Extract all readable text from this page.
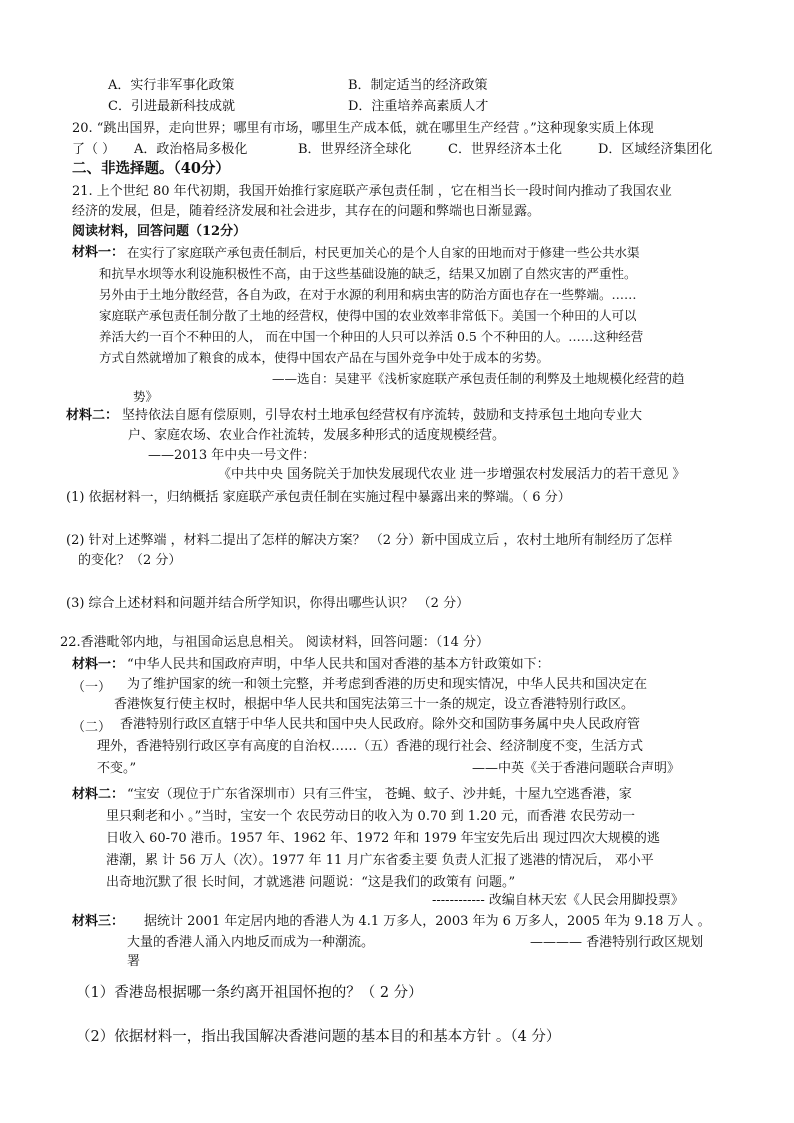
A．实行非军事化政策	B．制定适当的经济政策
C．引进最新科技成就	D．注重培养高素质人才
20. “跳出国界，走向世界；哪里有市场，哪里生产成本低，就在哪里生产经营 。”这种现象实质上体现
了（ ） A．政治格局多极化	B．世界经济全球化	C．世界经济本土化	D．区域经济集团化
二、非选择题。（40分）
21. 上个世纪 80 年代初期，我国开始推行家庭联产承包责任制 ，它在相当长一段时间内推动了我国农业
经济的发展，但是，随着经济发展和社会进步，其存在的问题和弊端也日渐显露。
阅读材料，回答问题（12分）
材料一： 在实行了家庭联产承包责任制后，村民更加关心的是个人自家的田地而对于修建一些公共水渠
和抗旱水坝等水利设施积极性不高，由于这些基础设施的缺乏，结果又加剧了自然灾害的严重性。
另外由于土地分散经营，各自为政，在对于水源的利用和病虫害的防治方面也存在一些弊端。……
家庭联产承包责任制分散了土地的经营权，使得中国的农业效率非常低下。美国一个种田的人可以
养活大约一百个不种田的人， 而在中国一个种田的人只可以养活 0.5 个不种田的人。……这种经营
方式自然就增加了粮食的成本，使得中国农产品在与国外竞争中处于成本的劣势。
——选自：吴建平《浅析家庭联产承包责任制的利弊及土地规模化经营的趋
势》
材料二： 坚持依法自愿有偿原则，引导农村土地承包经营权有序流转，鼓励和支持承包土地向专业大
户、家庭农场、农业合作社流转，发展多种形式的适度规模经营。
——2013 年中央一号文件：
《中共中央 国务院关于加快发展现代农业 进一步增强农村发展活力的若干意见 》
(1) 依据材料一，归纳概括 家庭联产承包责任制在实施过程中暴露出来的弊端。（ 6 分）
(2) 针对上述弊端 ，材料二提出了怎样的解决方案？ （2 分）新中国成立后 ，农村土地所有制经历了怎样
的变化？（2 分）
(3) 综合上述材料和问题并结合所学知识，你得出哪些认识？ （2 分）
22.香港毗邻内地，与祖国命运息息相关。 阅读材料，回答问题：（14 分）
材料一： “中华人民共和国政府声明，中华人民共和国对香港的基本方针政策如下：
（一） 为了维护国家的统一和领土完整，并考虑到香港的历史和现实情况，中华人民共和国决定在
香港恢复行使主权时，根据中华人民共和国宪法第三十一条的规定，设立香港特别行政区。
（二） 香港特别行政区直辖于中华人民共和国中央人民政府。除外交和国防事务属中央人民政府管
理外，香港特别行政区享有高度的自治权……（五）香港的现行社会、经济制度不变，生活方式
不变。”	——中英《关于香港问题联合声明》
材料二： “宝安（现位于广东省深圳市）只有三件宝， 苍蝇、蚊子、沙井蚝，十屋九空逃香港，家
里只剩老和小 。”当时，宝安一个 农民劳动日的收入为 0.70 到 1.20 元，而香港 农民劳动一
日收入 60-70 港币。1957 年、1962 年、1972 年和 1979 年宝安先后出 现过四次大规模的逃
港潮，累 计 56 万人（次）。1977 年 11 月广东省委主要 负责人汇报了逃港的情况后， 邓小平
出奇地沉默了很 长时间，才就逃港 问题说：“这是我们的政策有 问题。”
------------ 改编自林天宏《人民会用脚投票》
材料三： 据统计 2001 年定居内地的香港人为 4.1 万多人，2003 年为 6 万多人，2005 年为 9.18 万人 。
大量的香港人涌入内地反而成为一种潮流。	———— 香港特别行政区规划
署
（1）香港岛根据哪一条约离开祖国怀抱的？（ 2 分）
（2）依据材料一，指出我国解决香港问题的基本目的和基本方针 。（4 分）
